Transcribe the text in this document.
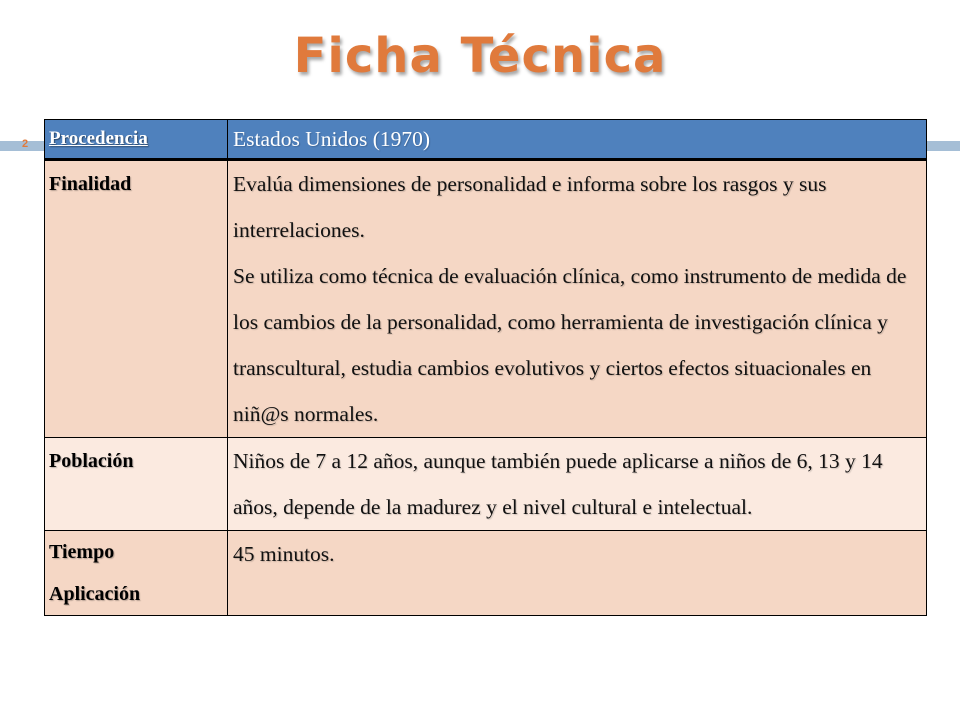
Ficha Técnica
2 Procedencia	Estados Unidos (1970)

Finalidad	Evalúa dimensiones de personalidad e informa sobre los rasgos y sus interrelaciones.

Se utiliza como técnica de evaluación clínica, como instrumento de medida de los cambios de la personalidad, como herramienta de investigación clínica y transcultural, estudia cambios evolutivos y ciertos efectos situacionales en niñ@s normales.

Población	Niños de 7 a 12 años, aunque también puede aplicarse a niños de 6, 13 y 14 años, depende de la madurez y el nivel cultural e intelectual.

Tiempo
Aplicación	45 minutos.
